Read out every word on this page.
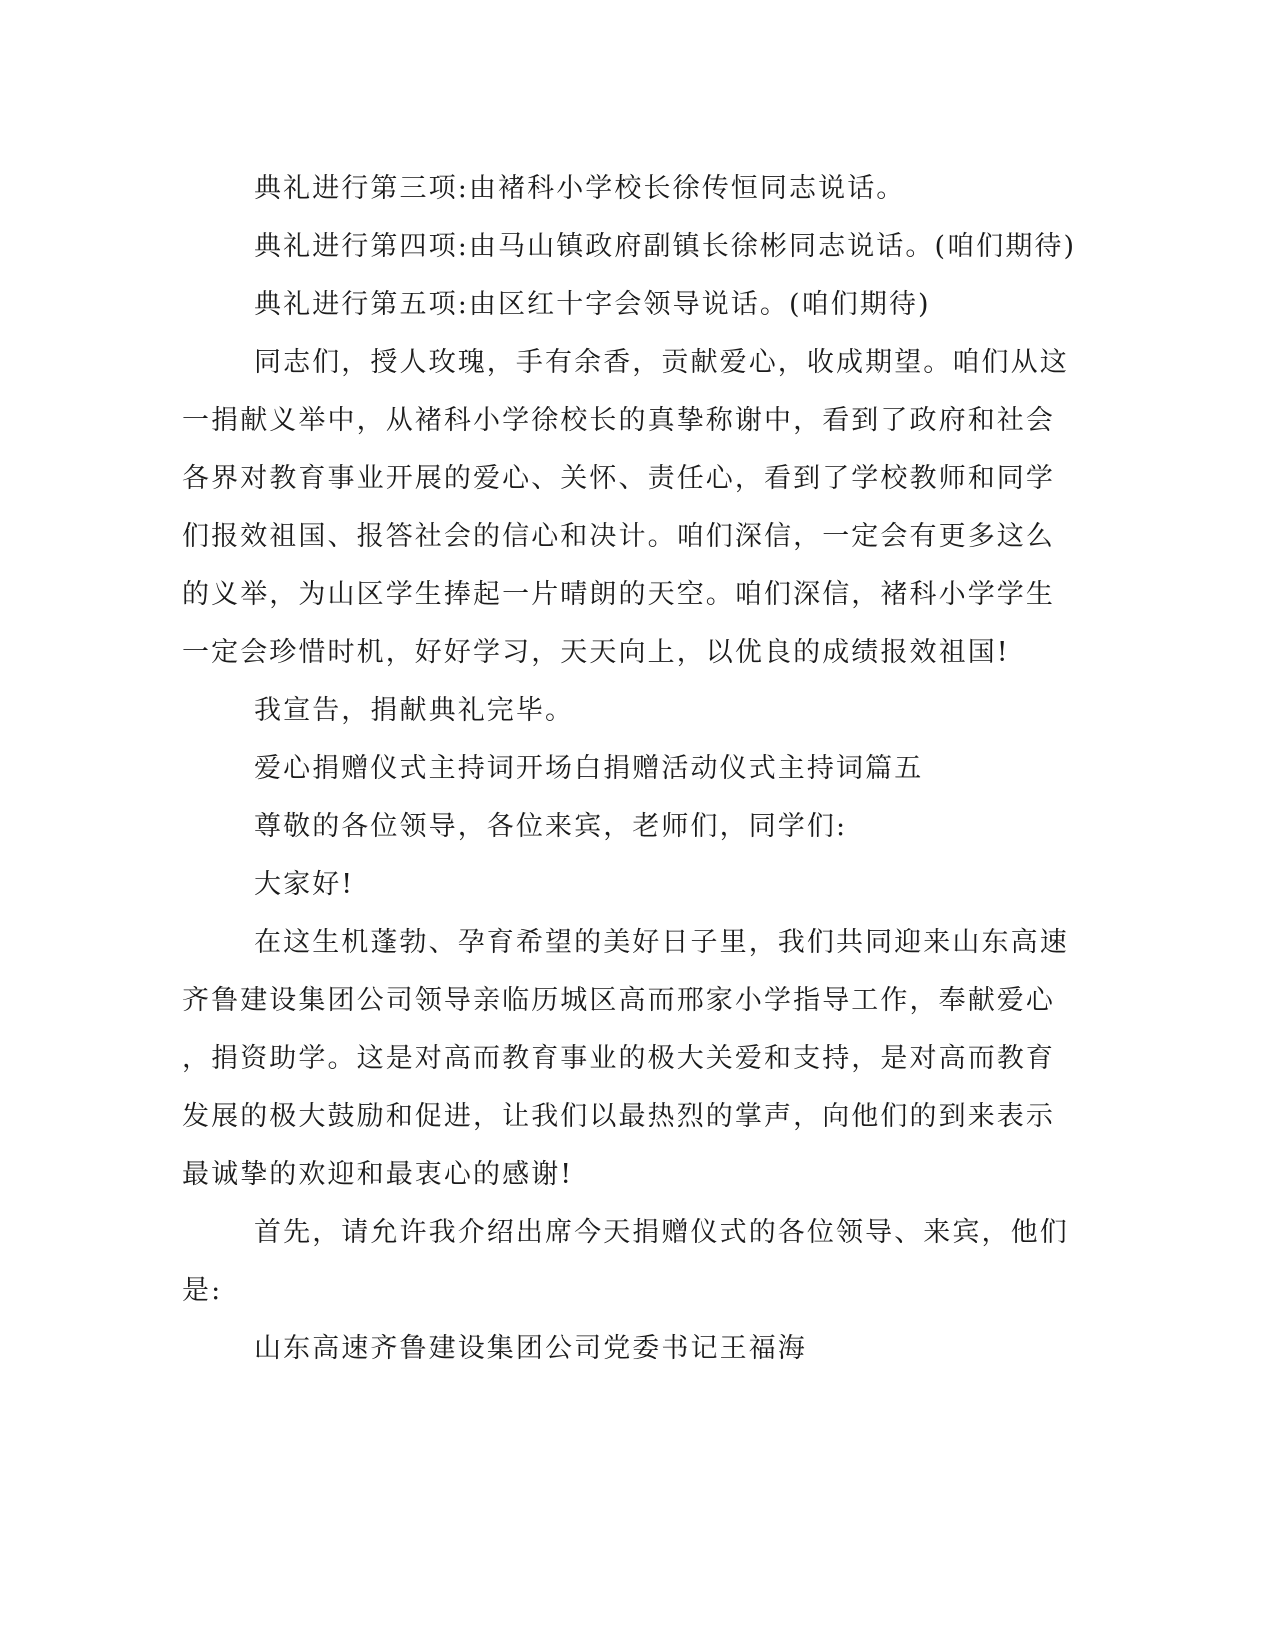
典礼进行第三项:由褚科小学校长徐传恒同志说话。
典礼进行第四项:由马山镇政府副镇长徐彬同志说话。(咱们期待)
典礼进行第五项:由区红十字会领导说话。(咱们期待)
同志们，授人玫瑰，手有余香，贡献爱心，收成期望。咱们从这
一捐献义举中，从褚科小学徐校长的真挚称谢中，看到了政府和社会
各界对教育事业开展的爱心、关怀、责任心，看到了学校教师和同学
们报效祖国、报答社会的信心和决计。咱们深信，一定会有更多这么
的义举，为山区学生捧起一片晴朗的天空。咱们深信，褚科小学学生
一定会珍惜时机，好好学习，天天向上，以优良的成绩报效祖国!
我宣告，捐献典礼完毕。
爱心捐赠仪式主持词开场白捐赠活动仪式主持词篇五
尊敬的各位领导，各位来宾，老师们，同学们:
大家好!
在这生机蓬勃、孕育希望的美好日子里，我们共同迎来山东高速
齐鲁建设集团公司领导亲临历城区高而邢家小学指导工作，奉献爱心
，捐资助学。这是对高而教育事业的极大关爱和支持，是对高而教育
发展的极大鼓励和促进，让我们以最热烈的掌声，向他们的到来表示
最诚挚的欢迎和最衷心的感谢!
首先，请允许我介绍出席今天捐赠仪式的各位领导、来宾，他们
是:
山东高速齐鲁建设集团公司党委书记王福海
